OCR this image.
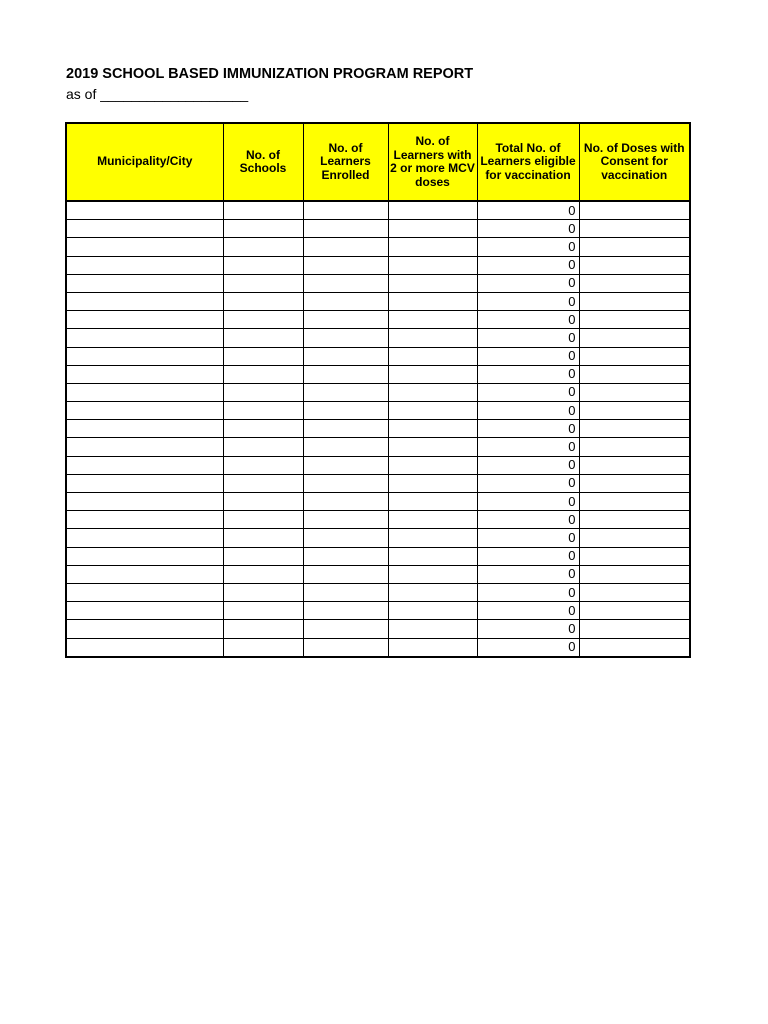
2019 SCHOOL BASED IMMUNIZATION PROGRAM REPORT
as of ___________________
Municipality/City	No. of Schools	No. of Learners Enrolled	No. of Learners with 2 or more MCV doses	Total No. of Learners eligible for vaccination	No. of Doses with Consent for vaccination
				0	
				0	
				0	
				0	
				0	
				0	
				0	
				0	
				0	
				0	
				0	
				0	
				0	
				0	
				0	
				0	
				0	
				0	
				0	
				0	
				0	
				0	
				0	
				0	
				0	
